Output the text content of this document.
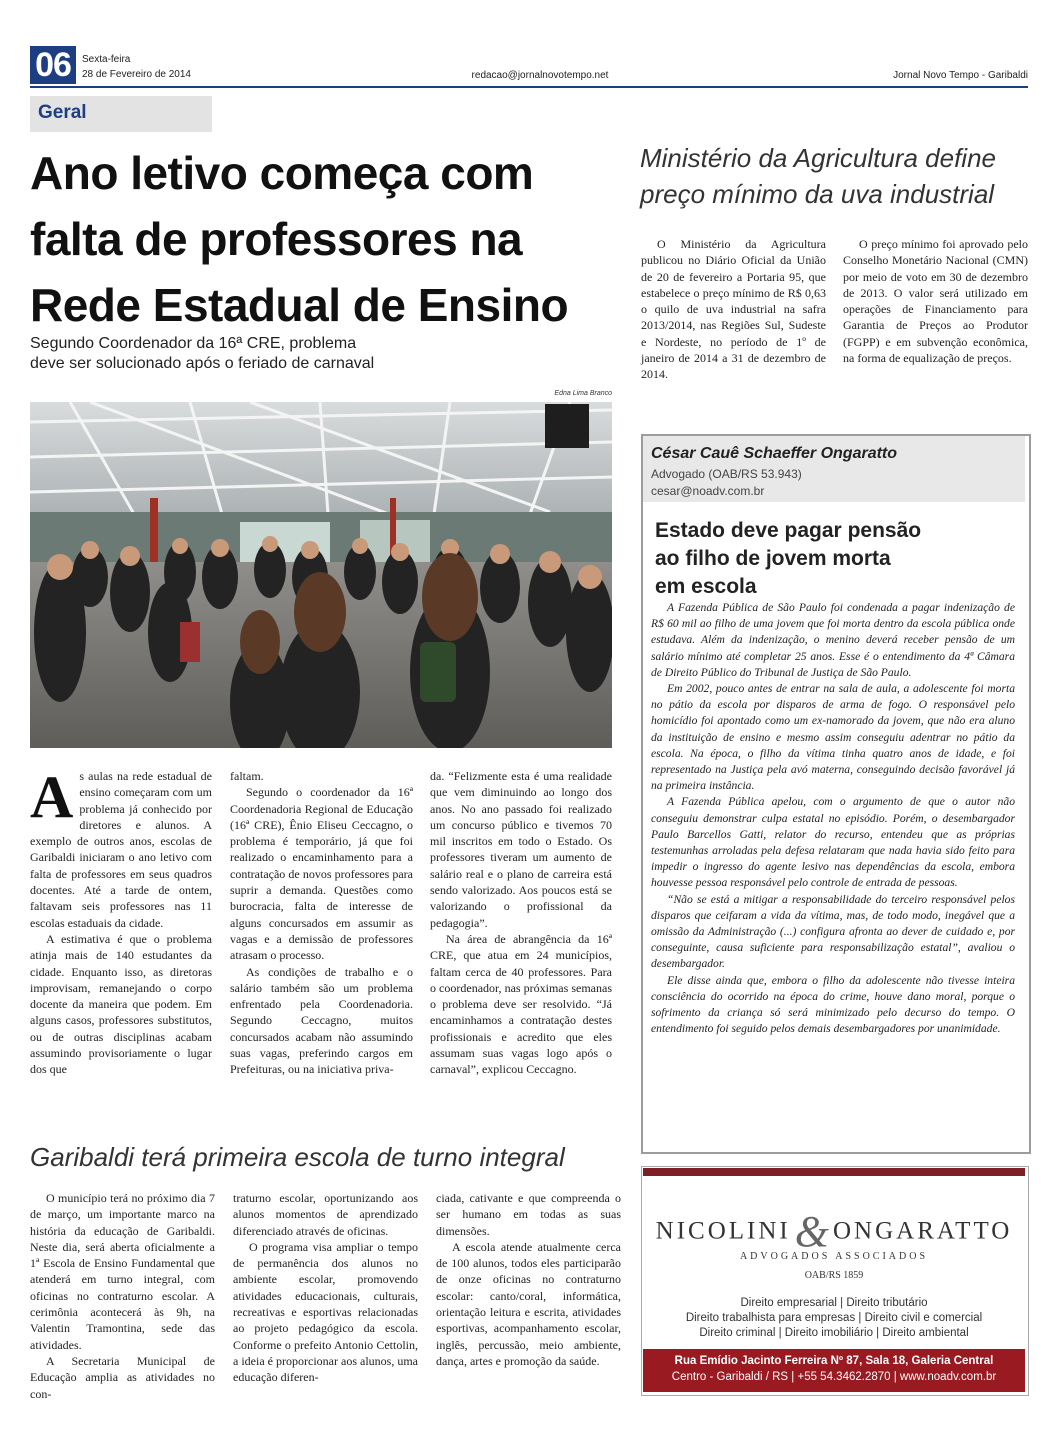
06	Sexta-feira
28 de Fevereiro de 2014	redacao@jornalnovotempo.net	Jornal Novo Tempo - Garibaldi
Geral
Ano letivo começa com
falta de professores na
Rede Estadual de Ensino
Segundo Coordenador da 16ª CRE, problema
deve ser solucionado após o feriado de carnaval
Edna Lima Branco

As aulas na rede estadual de ensino começaram com um problema já conhecido por diretores e alunos. A exemplo de outros anos, escolas de Garibaldi iniciaram o ano letivo com falta de professores em seus quadros docentes. Até a tarde de ontem, faltavam seis professores nas 11 escolas estaduais da cidade.

A estimativa é que o problema atinja mais de 140 estudantes da cidade. Enquanto isso, as diretoras improvisam, remanejando o corpo docente da maneira que podem. Em alguns casos, professores substitutos, ou de outras disciplinas acabam assumindo provisoriamente o lugar dos que

faltam.

Segundo o coordenador da 16ª Coordenadoria Regional de Educação (16ª CRE), Ênio Eliseu Ceccagno, o problema é temporário, já que foi realizado o encaminhamento para a contratação de novos professores para suprir a demanda. Questões como burocracia, falta de interesse de alguns concursados em assumir as vagas e a demissão de professores atrasam o processo.

As condições de trabalho e o salário também são um problema enfrentado pela Coordenadoria. Segundo Ceccagno, muitos concursados acabam não assumindo suas vagas, preferindo cargos em Prefeituras, ou na iniciativa priva-

da. “Felizmente esta é uma realidade que vem diminuindo ao longo dos anos. No ano passado foi realizado um concurso público e tivemos 70 mil inscritos em todo o Estado. Os professores tiveram um aumento de salário real e o plano de carreira está sendo valorizado. Aos poucos está se valorizando o profissional da pedagogia”.

Na área de abrangência da 16ª CRE, que atua em 24 municípios, faltam cerca de 40 professores. Para o coordenador, nas próximas semanas o problema deve ser resolvido. “Já encaminhamos a contratação destes profissionais e acredito que eles assumam suas vagas logo após o carnaval”, explicou Ceccagno.

Ministério da Agricultura define
preço mínimo da uva industrial

O Ministério da Agricultura publicou no Diário Oficial da União de 20 de fevereiro a Portaria 95, que estabelece o preço mínimo de R$ 0,63 o quilo de uva industrial na safra 2013/2014, nas Regiões Sul, Sudeste e Nordeste, no período de 1º de janeiro de 2014 a 31 de dezembro de 2014.

O preço mínimo foi aprovado pelo Conselho Monetário Nacional (CMN) por meio de voto em 30 de dezembro de 2013. O valor será utilizado em operações de Financiamento para Garantia de Preços ao Produtor (FGPP) e em subvenção econômica, na forma de equalização de preços.

César Cauê Schaeffer Ongaratto
Advogado (OAB/RS 53.943)
cesar@noadv.com.br
Estado deve pagar pensão
ao filho de jovem morta
em escola

A Fazenda Pública de São Paulo foi condenada a pagar indenização de R$ 60 mil ao filho de uma jovem que foi morta dentro da escola pública onde estudava. Além da indenização, o menino deverá receber pensão de um salário mínimo até completar 25 anos. Esse é o entendimento da 4ª Câmara de Direito Público do Tribunal de Justiça de São Paulo.

Em 2002, pouco antes de entrar na sala de aula, a adolescente foi morta no pátio da escola por disparos de arma de fogo. O responsável pelo homicídio foi apontado como um ex-namorado da jovem, que não era aluno da instituição de ensino e mesmo assim conseguiu adentrar no pátio da escola. Na época, o filho da vítima tinha quatro anos de idade, e foi representado na Justiça pela avó materna, conseguindo decisão favorável já na primeira instância.

A Fazenda Pública apelou, com o argumento de que o autor não conseguiu demonstrar culpa estatal no episódio. Porém, o desembargador Paulo Barcellos Gatti, relator do recurso, entendeu que as próprias testemunhas arroladas pela defesa relataram que nada havia sido feito para impedir o ingresso do agente lesivo nas dependências da escola, embora houvesse pessoa responsável pelo controle de entrada de pessoas.

“Não se está a mitigar a responsabilidade do terceiro responsável pelos disparos que ceifaram a vida da vítima, mas, de todo modo, inegável que a omissão da Administração (...) configura afronta ao dever de cuidado e, por conseguinte, causa suficiente para responsabilização estatal”, avaliou o desembargador.

Ele disse ainda que, embora o filho da adolescente não tivesse inteira consciência do ocorrido na época do crime, houve dano moral, porque o sofrimento da criança só será minimizado pelo decurso do tempo. O entendimento foi seguido pelos demais desembargadores por unanimidade.

Garibaldi terá primeira escola de turno integral

O município terá no próximo dia 7 de março, um importante marco na história da educação de Garibaldi. Neste dia, será aberta oficialmente a 1ª Escola de Ensino Fundamental que atenderá em turno integral, com oficinas no contraturno escolar. A cerimônia acontecerá às 9h, na Valentin Tramontina, sede das atividades.

A Secretaria Municipal de Educação amplia as atividades no con-

traturno escolar, oportunizando aos alunos momentos de aprendizado diferenciado através de oficinas.

O programa visa ampliar o tempo de permanência dos alunos no ambiente escolar, promovendo atividades educacionais, culturais, recreativas e esportivas relacionadas ao projeto pedagógico da escola. Conforme o prefeito Antonio Cettolin, a ideia é proporcionar aos alunos, uma educação diferen-

ciada, cativante e que compreenda o ser humano em todas as suas dimensões.

A escola atende atualmente cerca de 100 alunos, todos eles participarão de onze oficinas no contraturno escolar: canto/coral, informática, orientação leitura e escrita, atividades esportivas, acompanhamento escolar, inglês, percussão, meio ambiente, dança, artes e promoção da saúde.

NICOLINI & ONGARATTO
ADVOGADOS ASSOCIADOS
OAB/RS 1859
Direito empresarial | Direito tributário
Direito trabalhista para empresas | Direito civil e comercial
Direito criminal | Direito imobiliário | Direito ambiental
Rua Emídio Jacinto Ferreira Nº 87, Sala 18, Galeria Central
Centro - Garibaldi / RS | +55 54.3462.2870 | www.noadv.com.br
